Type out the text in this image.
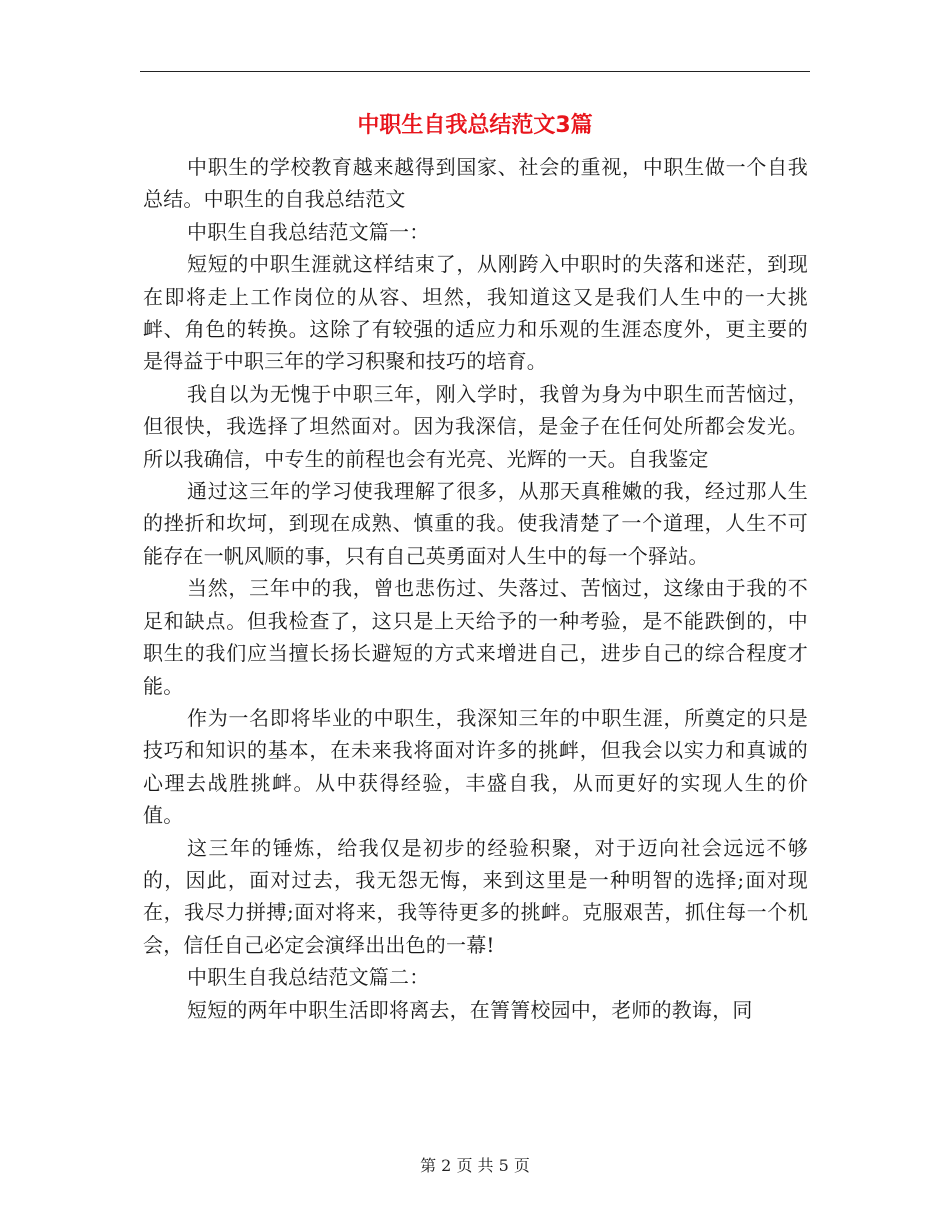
中职生自我总结范文3篇

中职生的学校教育越来越得到国家、社会的重视，中职生做一个自我总结。中职生的自我总结范文

中职生自我总结范文篇一：

短短的中职生涯就这样结束了，从刚跨入中职时的失落和迷茫，到现在即将走上工作岗位的从容、坦然，我知道这又是我们人生中的一大挑衅、角色的转换。这除了有较强的适应力和乐观的生涯态度外，更主要的是得益于中职三年的学习积聚和技巧的培育。

我自以为无愧于中职三年，刚入学时，我曾为身为中职生而苦恼过，但很快，我选择了坦然面对。因为我深信，是金子在任何处所都会发光。所以我确信，中专生的前程也会有光亮、光辉的一天。自我鉴定

通过这三年的学习使我理解了很多，从那天真稚嫩的我，经过那人生的挫折和坎坷，到现在成熟、慎重的我。使我清楚了一个道理，人生不可能存在一帆风顺的事，只有自己英勇面对人生中的每一个驿站。

当然，三年中的我，曾也悲伤过、失落过、苦恼过，这缘由于我的不足和缺点。但我检查了，这只是上天给予的一种考验，是不能跌倒的，中职生的我们应当擅长扬长避短的方式来增进自己，进步自己的综合程度才能。

作为一名即将毕业的中职生，我深知三年的中职生涯，所奠定的只是技巧和知识的基本，在未来我将面对许多的挑衅，但我会以实力和真诚的心理去战胜挑衅。从中获得经验，丰盛自我，从而更好的实现人生的价值。

这三年的锤炼，给我仅是初步的经验积聚，对于迈向社会远远不够的，因此，面对过去，我无怨无悔，来到这里是一种明智的选择;面对现在，我尽力拼搏;面对将来，我等待更多的挑衅。克服艰苦，抓住每一个机会，信任自己必定会演绎出出色的一幕!

中职生自我总结范文篇二：

短短的两年中职生活即将离去，在箐箐校园中，老师的教诲，同

第 2 页 共 5 页
